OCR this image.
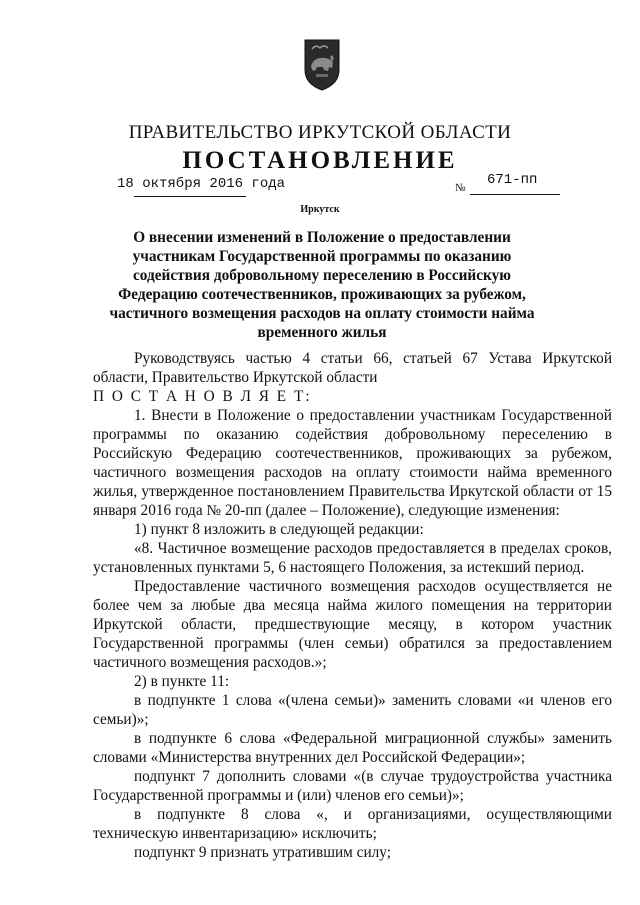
ПРАВИТЕЛЬСТВО ИРКУТСКОЙ ОБЛАСТИ
ПОСТАНОВЛЕНИЕ
18 октября 2016 года	№ 671-пп
Иркутск
О внесении изменений в Положение о предоставлении участникам Государственной программы по оказанию содействия добровольному переселению в Российскую Федерацию соотечественников, проживающих за рубежом, частичного возмещения расходов на оплату стоимости найма временного жилья

Руководствуясь частью 4 статьи 66, статьей 67 Устава Иркутской области, Правительство Иркутской области

П О С Т А Н О В Л Я Е Т:

1. Внести в Положение о предоставлении участникам Государственной программы по оказанию содействия добровольному переселению в Российскую Федерацию соотечественников, проживающих за рубежом, частичного возмещения расходов на оплату стоимости найма временного жилья, утвержденное постановлением Правительства Иркутской области от 15 января 2016 года № 20-пп (далее – Положение), следующие изменения:

1) пункт 8 изложить в следующей редакции:

«8. Частичное возмещение расходов предоставляется в пределах сроков, установленных пунктами 5, 6 настоящего Положения, за истекший период.

Предоставление частичного возмещения расходов осуществляется не более чем за любые два месяца найма жилого помещения на территории Иркутской области, предшествующие месяцу, в котором участник Государственной программы (член семьи) обратился за предоставлением частичного возмещения расходов.»;

2) в пункте 11:

в подпункте 1 слова «(члена семьи)» заменить словами «и членов его семьи)»;

в подпункте 6 слова «Федеральной миграционной службы» заменить словами «Министерства внутренних дел Российской Федерации»;

подпункт 7 дополнить словами «(в случае трудоустройства участника Государственной программы и (или) членов его семьи)»;

в подпункте 8 слова «, и организациями, осуществляющими техническую инвентаризацию» исключить;

подпункт 9 признать утратившим силу;
